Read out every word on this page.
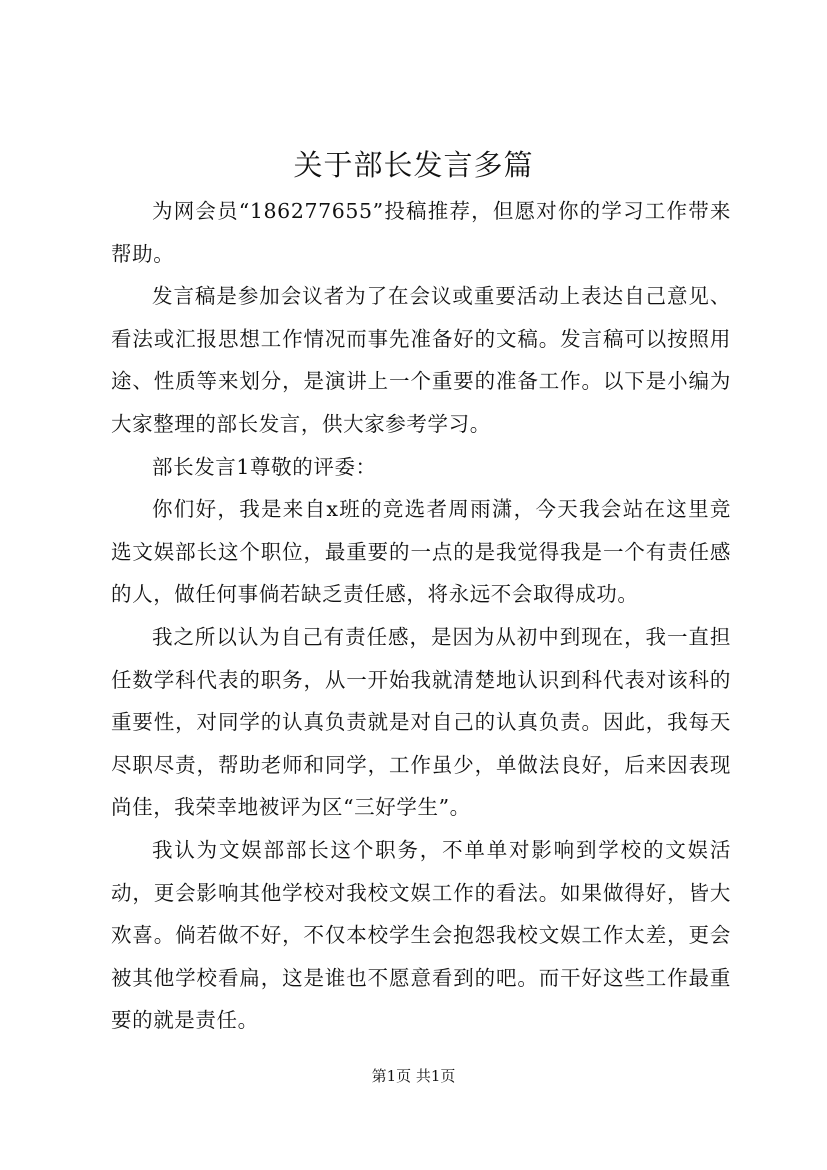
关于部长发言多篇

为网会员“186277655”投稿推荐，但愿对你的学习工作带来帮助。

发言稿是参加会议者为了在会议或重要活动上表达自己意见、看法或汇报思想工作情况而事先准备好的文稿。发言稿可以按照用途、性质等来划分，是演讲上一个重要的准备工作。以下是小编为大家整理的部长发言，供大家参考学习。

部长发言1尊敬的评委：

你们好，我是来自x班的竞选者周雨潇，今天我会站在这里竞选文娱部长这个职位，最重要的一点的是我觉得我是一个有责任感的人，做任何事倘若缺乏责任感，将永远不会取得成功。

我之所以认为自己有责任感，是因为从初中到现在，我一直担任数学科代表的职务，从一开始我就清楚地认识到科代表对该科的重要性，对同学的认真负责就是对自己的认真负责。因此，我每天尽职尽责，帮助老师和同学，工作虽少，单做法良好，后来因表现尚佳，我荣幸地被评为区“三好学生”。

我认为文娱部部长这个职务，不单单对影响到学校的文娱活动，更会影响其他学校对我校文娱工作的看法。如果做得好，皆大欢喜。倘若做不好，不仅本校学生会抱怨我校文娱工作太差，更会被其他学校看扁，这是谁也不愿意看到的吧。而干好这些工作最重要的就是责任。

第1页 共1页
